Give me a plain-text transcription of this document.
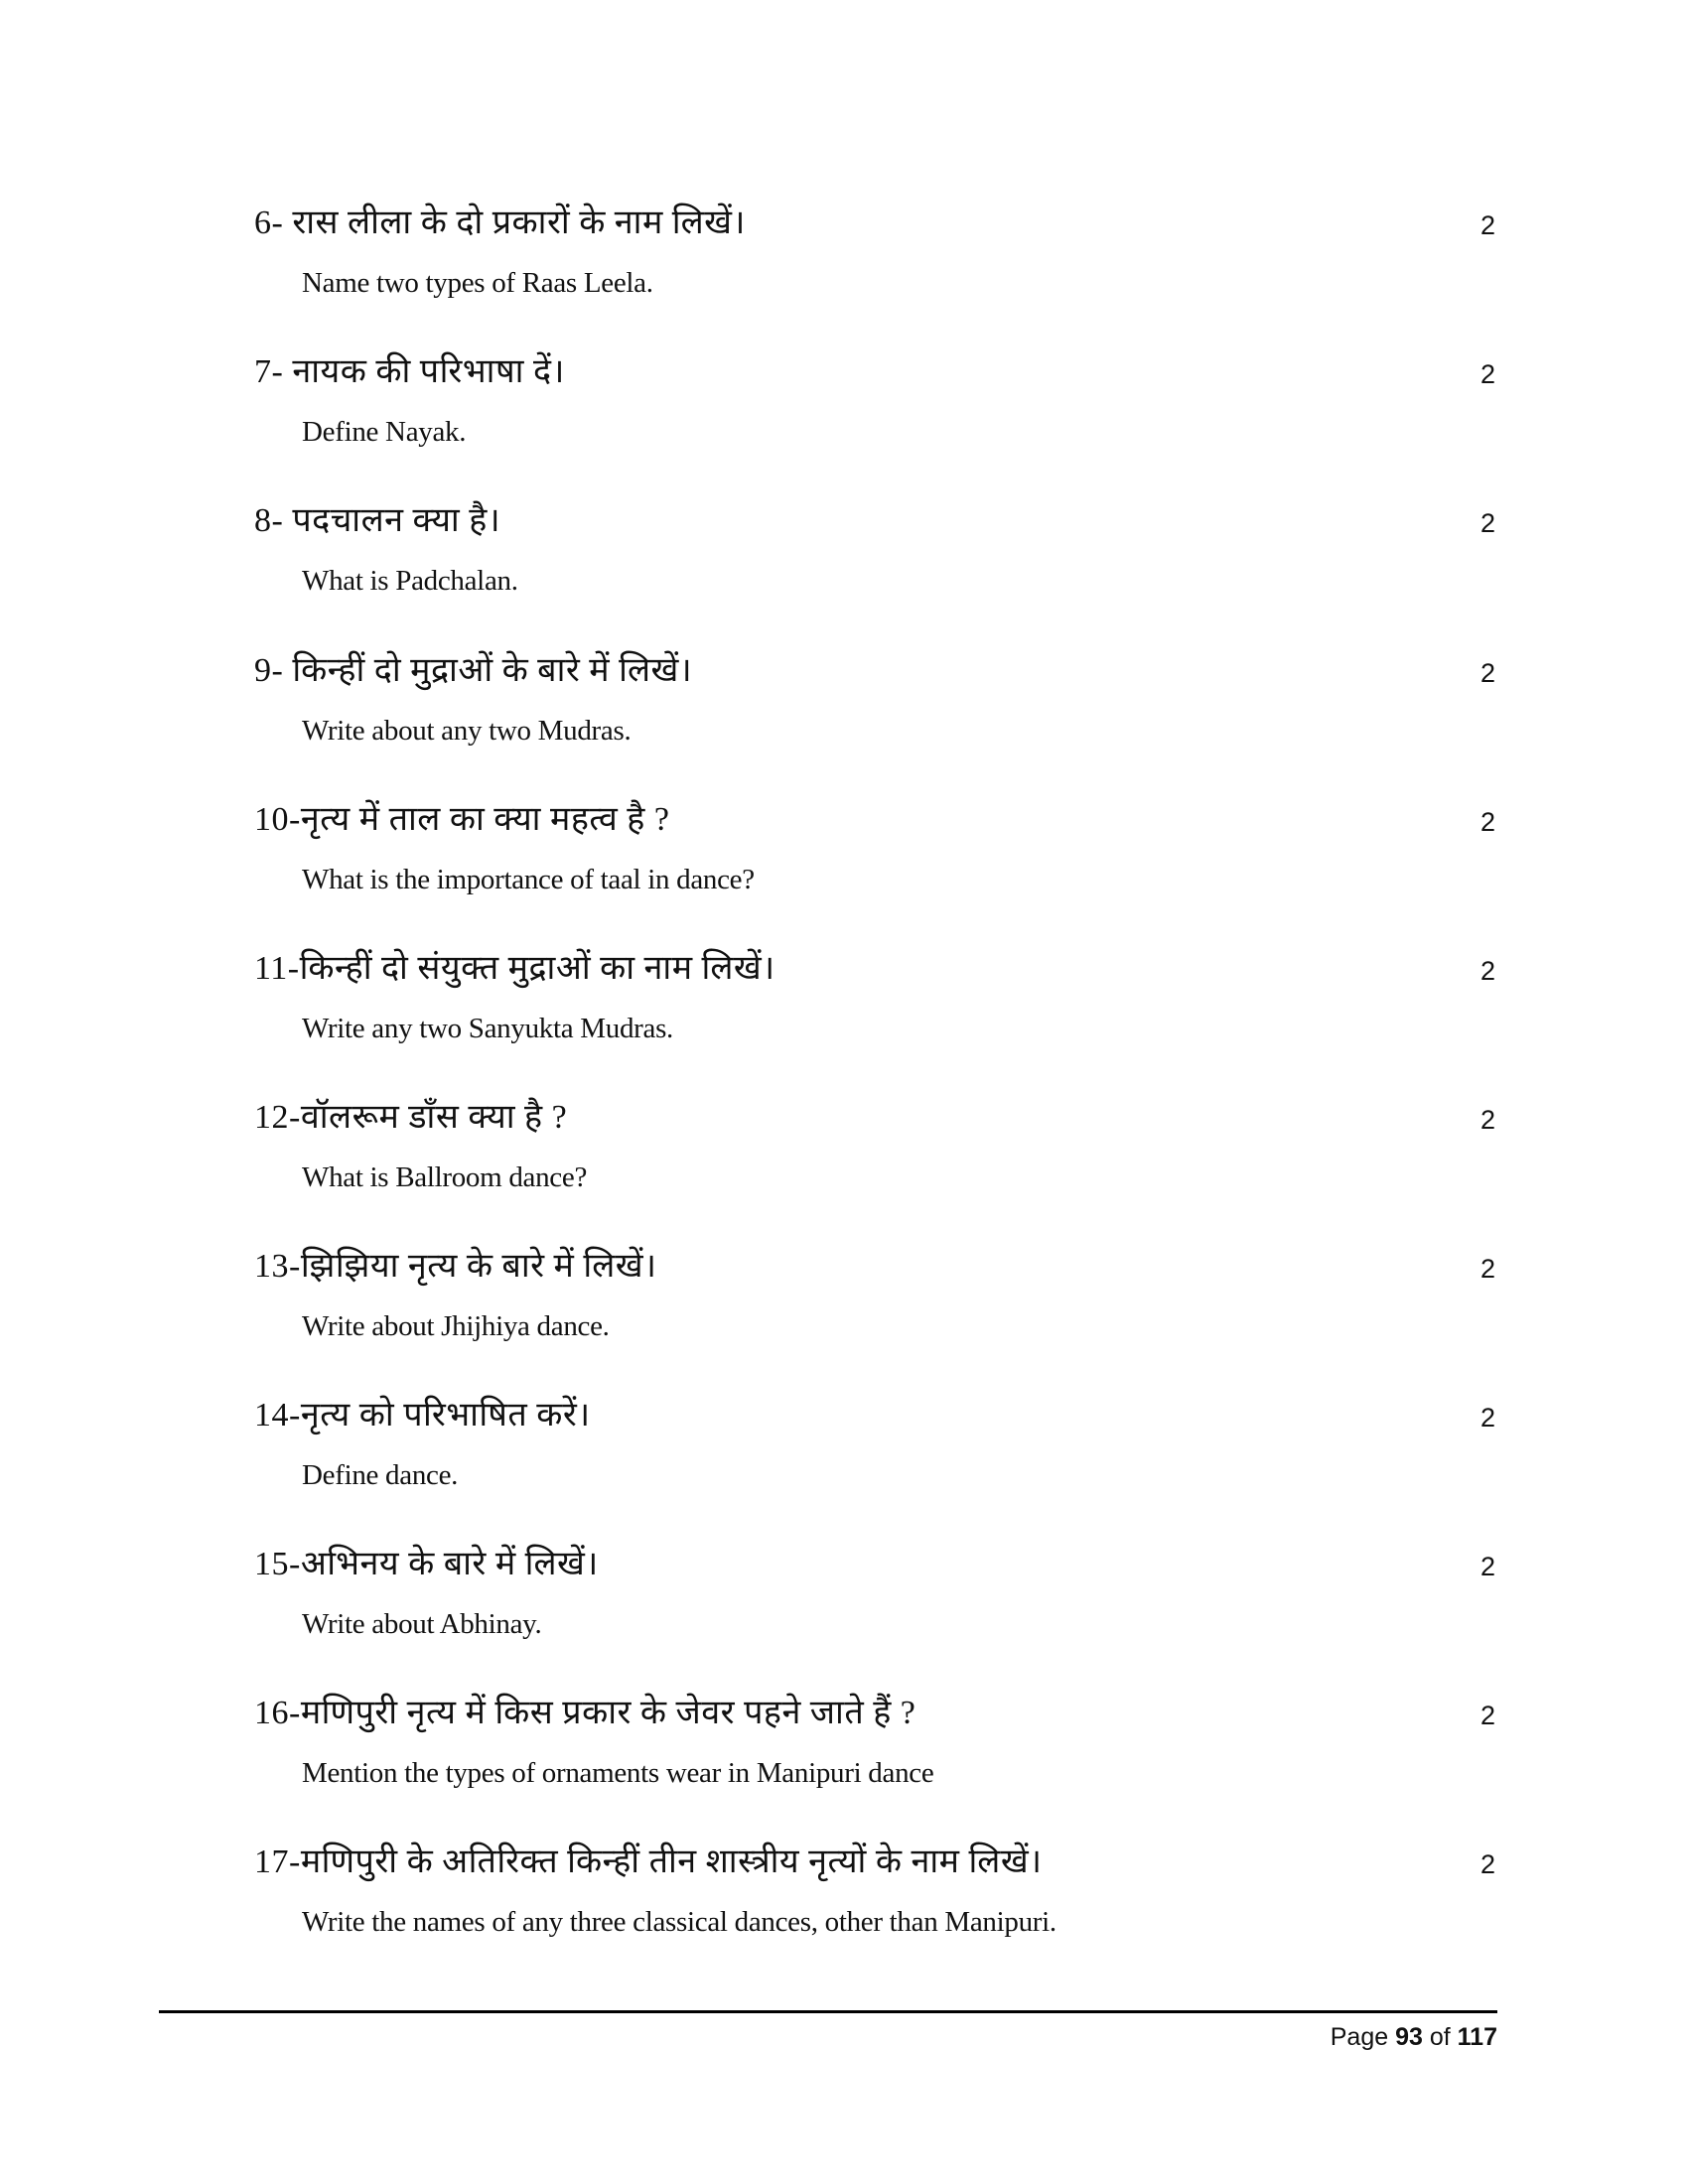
6- रास लीला के दो प्रकारों के नाम लिखें।
Name two types of Raas Leela.
2
7- नायक की परिभाषा दें।
Define Nayak.
2
8- पदचालन क्या है।
What is Padchalan.
2
9- किन्हीं दो मुद्राओं के बारे में लिखें।
Write about any two Mudras.
2
10-नृत्य में ताल का क्या महत्व है ?
What is the importance of taal in dance?
2
11-किन्हीं दो संयुक्त मुद्राओं का नाम लिखें।
Write any two Sanyukta Mudras.
2
12-वॉलरूम डॉंस क्या है ?
What is Ballroom dance?
2
13-झिझिया नृत्य के बारे में लिखें।
Write about Jhijhiya dance.
2
14-नृत्य को परिभाषित करें।
Define dance.
2
15-अभिनय के बारे में लिखें।
Write about Abhinay.
2
16-मणिपुरी नृत्य में किस प्रकार के जेवर पहने जाते हैं ?
Mention the types of ornaments wear in Manipuri dance
2
17-मणिपुरी के अतिरिक्त किन्हीं तीन शास्त्रीय नृत्यों के नाम लिखें।
Write the names of any three classical dances, other than Manipuri.
2
Page 93 of 117
